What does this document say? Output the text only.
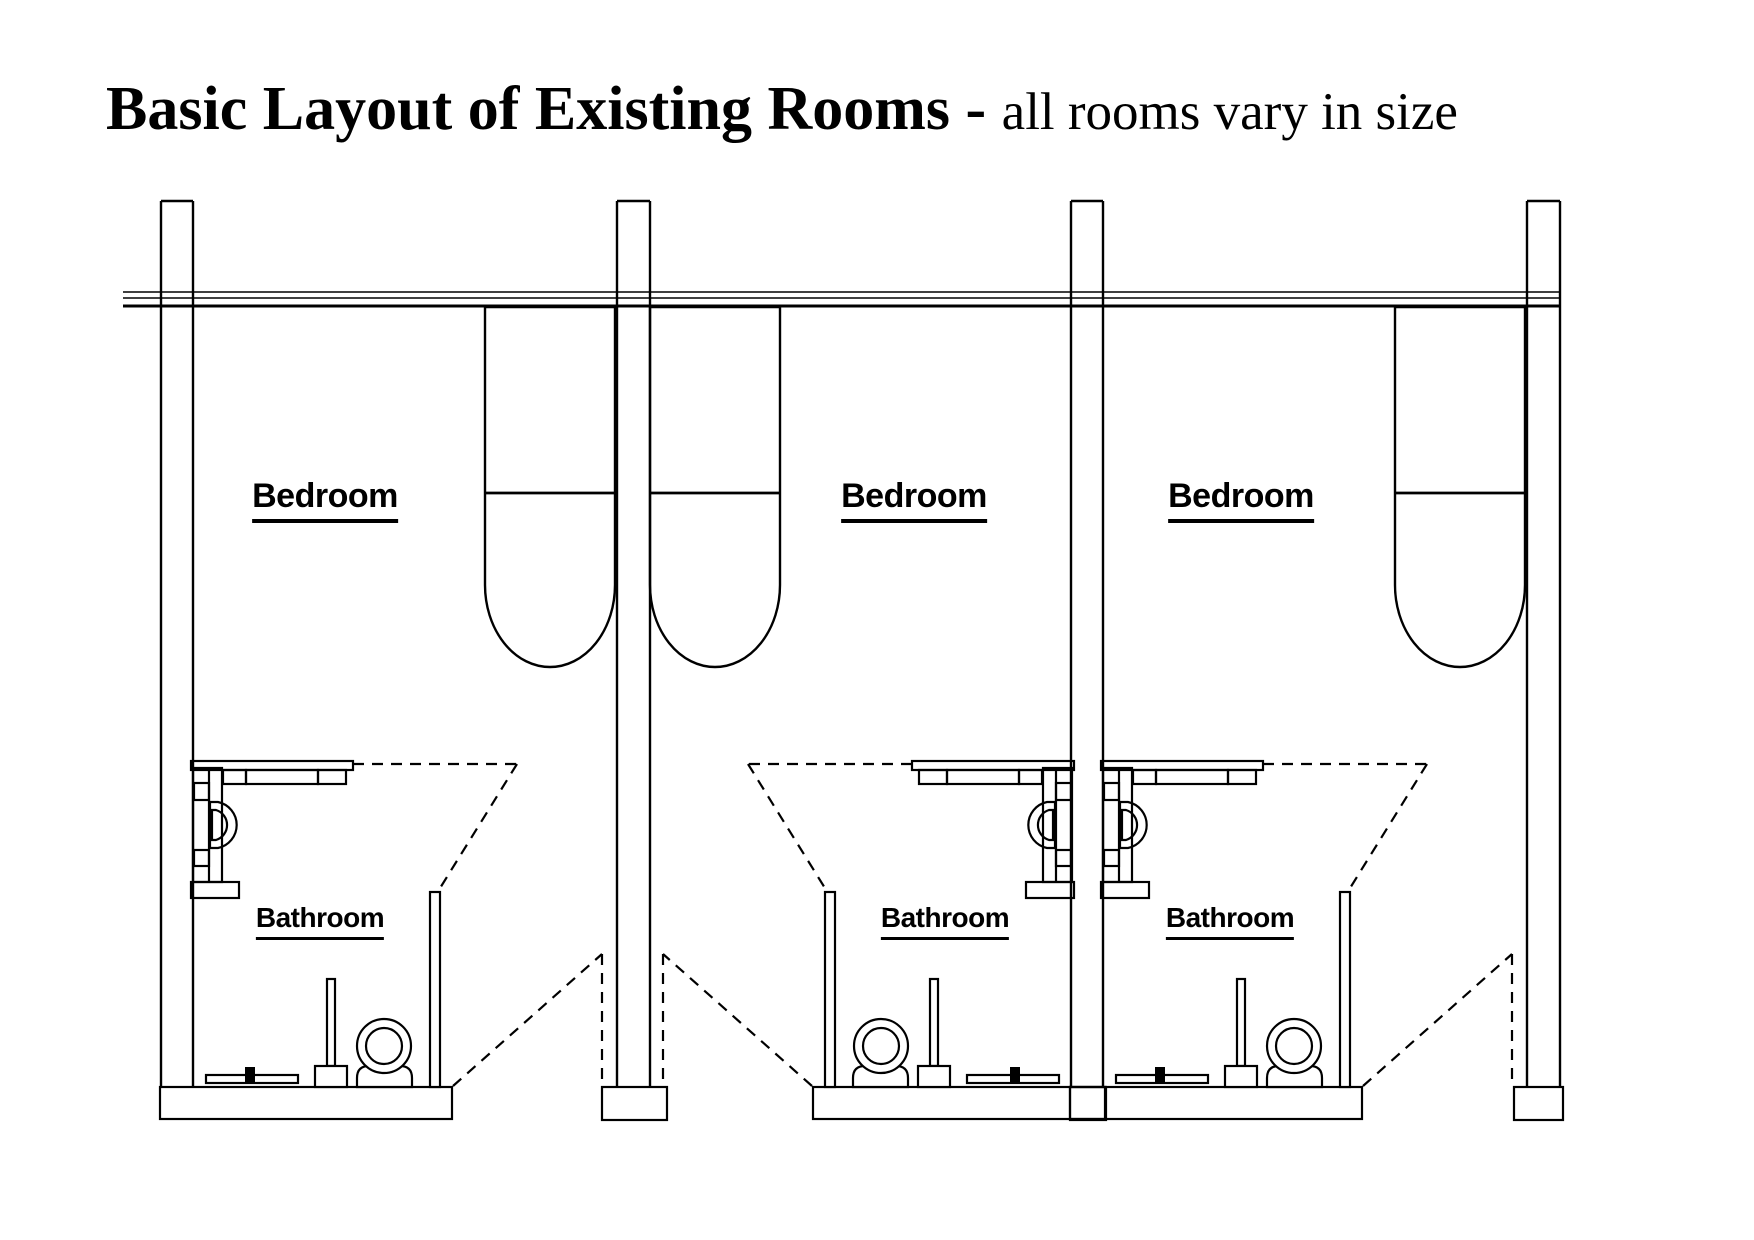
Basic Layout of Existing Rooms - all rooms vary in size
Bedroom	Bedroom	Bedroom
Bathroom	Bathroom	Bathroom
